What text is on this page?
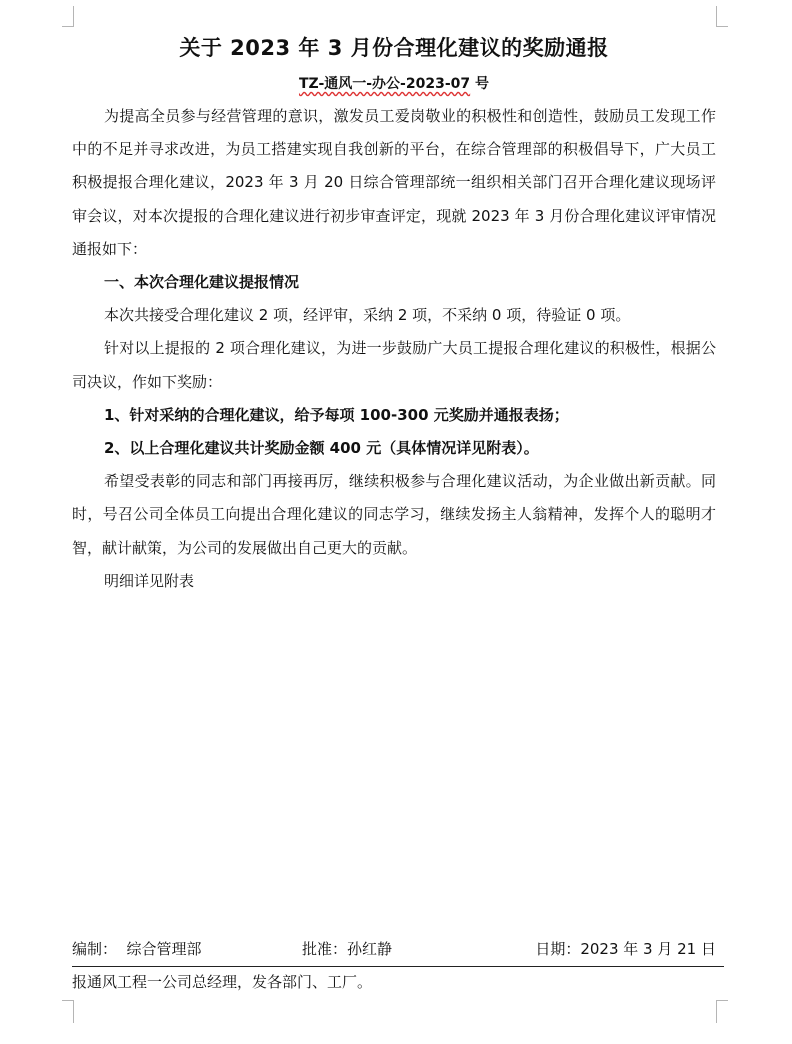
关于 2023 年 3 月份合理化建议的奖励通报
TZ-通风一-办公-2023-07 号

为提高全员参与经营管理的意识，激发员工爱岗敬业的积极性和创造性，鼓励员工发现工作中的不足并寻求改进，为员工搭建实现自我创新的平台，在综合管理部的积极倡导下，广大员工积极提报合理化建议，2023 年 3 月 20 日综合管理部统一组织相关部门召开合理化建议现场评审会议，对本次提报的合理化建议进行初步审查评定，现就 2023 年 3 月份合理化建议评审情况通报如下：

一、本次合理化建议提报情况

本次共接受合理化建议 2 项，经评审，采纳 2 项，不采纳 0 项，待验证 0 项。

针对以上提报的 2 项合理化建议，为进一步鼓励广大员工提报合理化建议的积极性，根据公司决议，作如下奖励：

1、针对采纳的合理化建议，给予每项 100-300 元奖励并通报表扬；

2、以上合理化建议共计奖励金额 400 元（具体情况详见附表）。

希望受表彰的同志和部门再接再厉，继续积极参与合理化建议活动，为企业做出新贡献。同时，号召公司全体员工向提出合理化建议的同志学习，继续发扬主人翁精神，发挥个人的聪明才智，献计献策，为公司的发展做出自己更大的贡献。

明细详见附表

编制：  综合管理部	批准：孙红静	日期：2023 年 3 月 21 日
报通风工程一公司总经理，发各部门、工厂。
